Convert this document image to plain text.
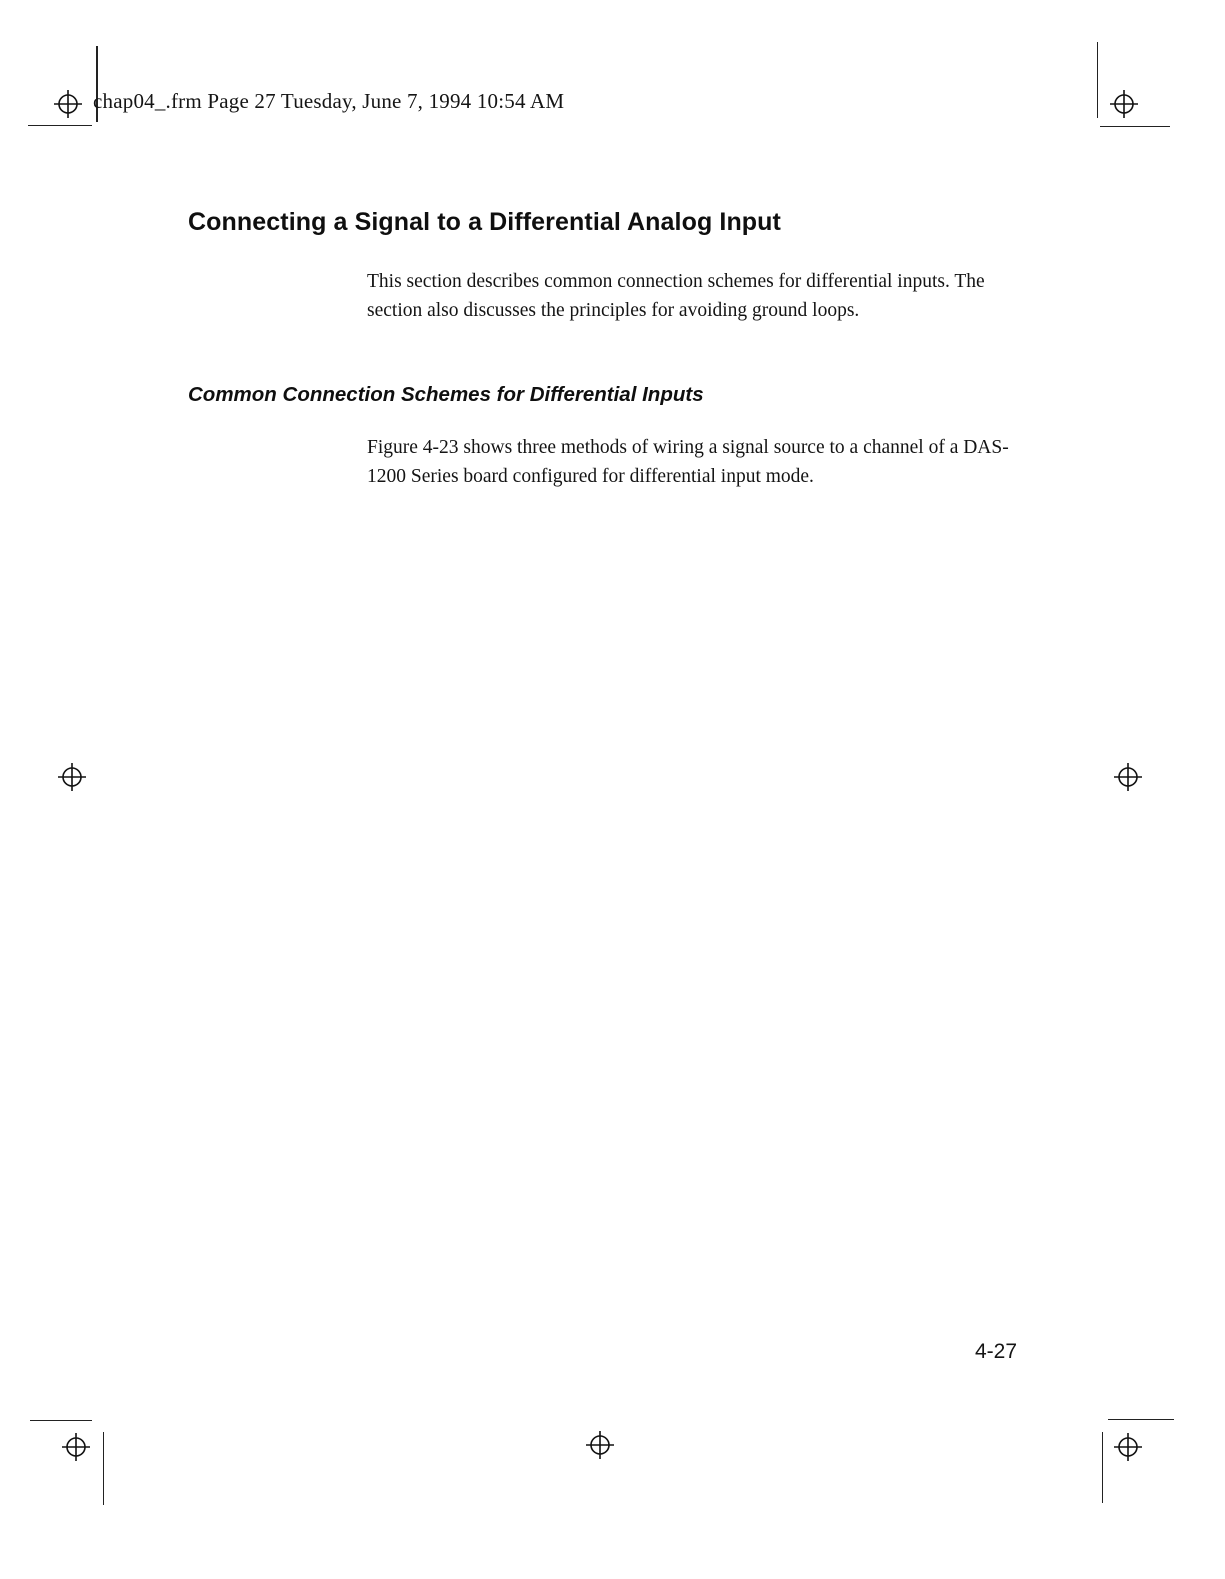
chap04_.frm Page 27 Tuesday, June 7, 1994 10:54 AM
Connecting a Signal to a Differential Analog Input

This section describes common connection schemes for differential inputs. The section also discusses the principles for avoiding ground loops.

Common Connection Schemes for Differential Inputs

Figure 4-23 shows three methods of wiring a signal source to a channel of a DAS-1200 Series board configured for differential input mode.

4-27
